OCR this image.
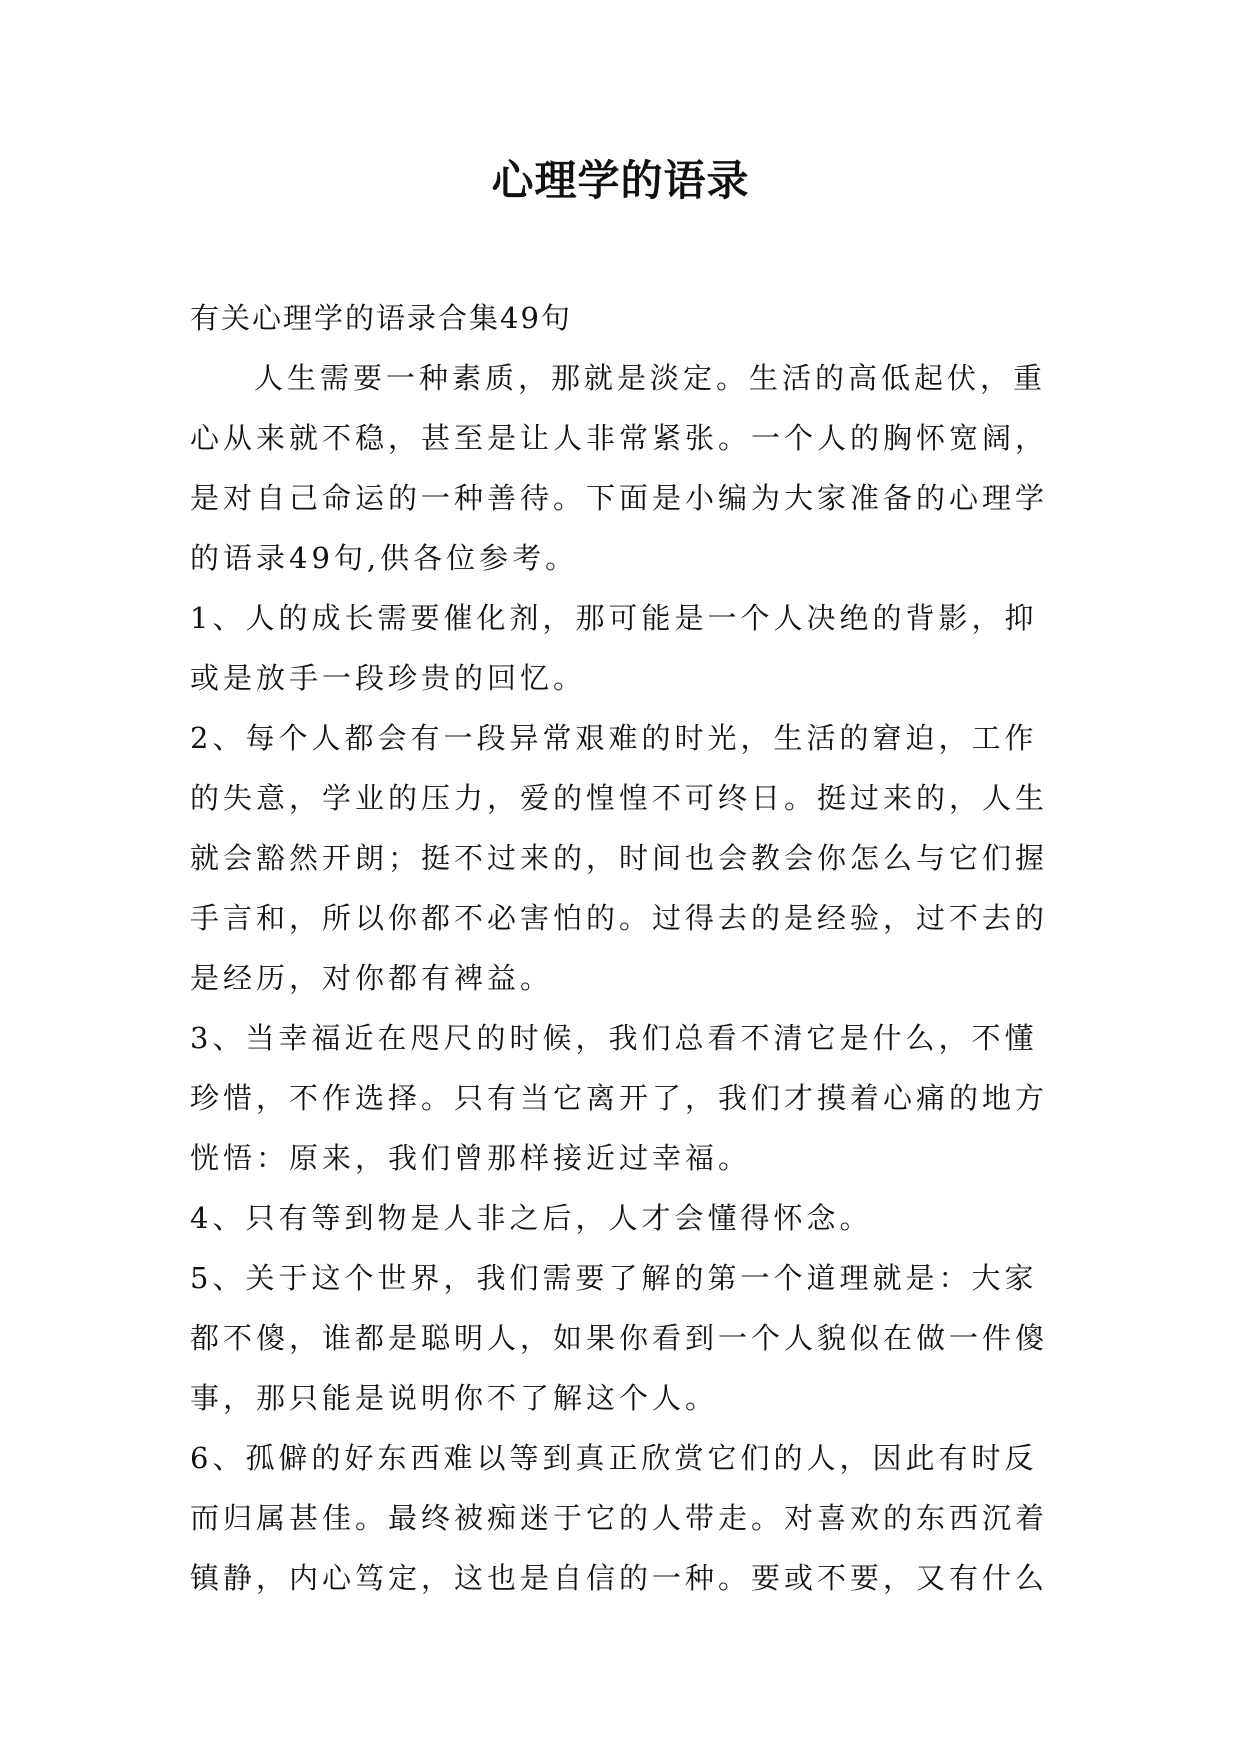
心理学的语录

有关心理学的语录合集49句

人生需要一种素质，那就是淡定。生活的高低起伏，重

心从来就不稳，甚至是让人非常紧张。一个人的胸怀宽阔，

是对自己命运的一种善待。下面是小编为大家准备的心理学

的语录49句,供各位参考。

1、人的成长需要催化剂，那可能是一个人决绝的背影，抑

或是放手一段珍贵的回忆。

2、每个人都会有一段异常艰难的时光，生活的窘迫，工作

的失意，学业的压力，爱的惶惶不可终日。挺过来的，人生

就会豁然开朗；挺不过来的，时间也会教会你怎么与它们握

手言和，所以你都不必害怕的。过得去的是经验，过不去的

是经历，对你都有裨益。

3、当幸福近在咫尺的时候，我们总看不清它是什么，不懂

珍惜，不作选择。只有当它离开了，我们才摸着心痛的地方

恍悟：原来，我们曾那样接近过幸福。

4、只有等到物是人非之后，人才会懂得怀念。

5、关于这个世界，我们需要了解的第一个道理就是：大家

都不傻，谁都是聪明人，如果你看到一个人貌似在做一件傻

事，那只能是说明你不了解这个人。

6、孤僻的好东西难以等到真正欣赏它们的人，因此有时反

而归属甚佳。最终被痴迷于它的人带走。对喜欢的东西沉着

镇静，内心笃定，这也是自信的一种。要或不要，又有什么
